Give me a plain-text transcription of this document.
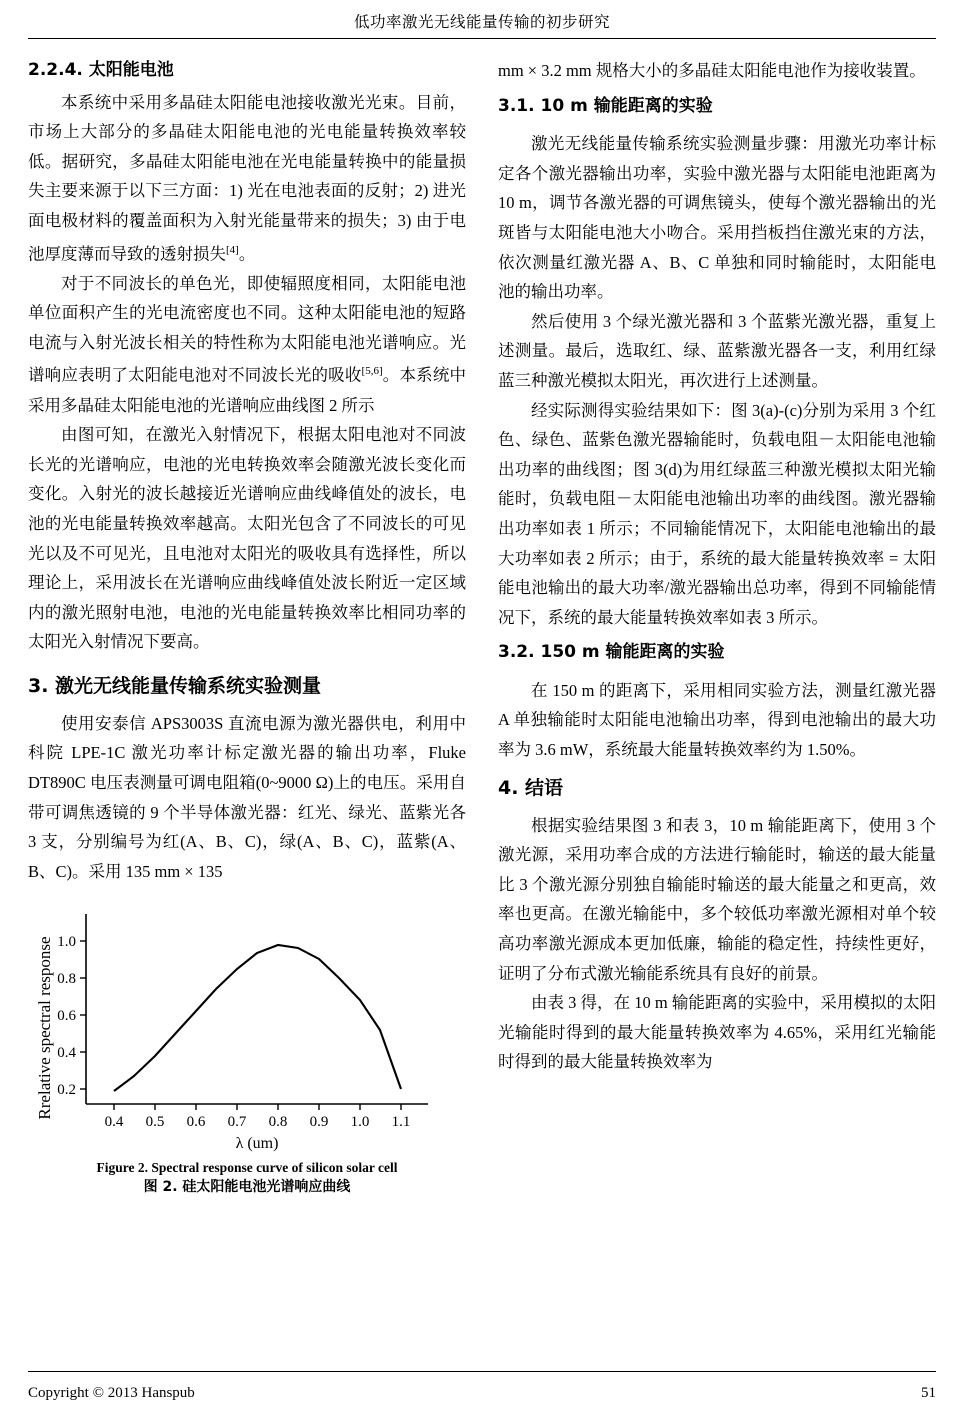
低功率激光无线能量传输的初步研究
2.2.4. 太阳能电池

本系统中采用多晶硅太阳能电池接收激光光束。目前，市场上大部分的多晶硅太阳能电池的光电能量转换效率较低。据研究，多晶硅太阳能电池在光电能量转换中的能量损失主要来源于以下三方面：1) 光在电池表面的反射；2) 进光面电极材料的覆盖面积为入射光能量带来的损失；3) 由于电池厚度薄而导致的透射损失[4]。

对于不同波长的单色光，即使辐照度相同，太阳能电池单位面积产生的光电流密度也不同。这种太阳能电池的短路电流与入射光波长相关的特性称为太阳能电池光谱响应。光谱响应表明了太阳能电池对不同波长光的吸收[5,6]。本系统中采用多晶硅太阳能电池的光谱响应曲线图 2 所示

由图可知，在激光入射情况下，根据太阳电池对不同波长光的光谱响应，电池的光电转换效率会随激光波长变化而变化。入射光的波长越接近光谱响应曲线峰值处的波长，电池的光电能量转换效率越高。太阳光包含了不同波长的可见光以及不可见光，且电池对太阳光的吸收具有选择性，所以理论上，采用波长在光谱响应曲线峰值处波长附近一定区域内的激光照射电池，电池的光电能量转换效率比相同功率的太阳光入射情况下要高。

3. 激光无线能量传输系统实验测量

使用安泰信 APS3003S 直流电源为激光器供电，利用中科院 LPE-1C 激光功率计标定激光器的输出功率，Fluke DT890C 电压表测量可调电阻箱(0~9000 Ω)上的电压。采用自带可调焦透镜的 9 个半导体激光器：红光、绿光、蓝紫光各 3 支，分别编号为红(A、B、C)，绿(A、B、C)，蓝紫(A、B、C)。采用 135 mm × 135

Rrelative spectral response 0.2
0.4
0.6
0.8
1.0
0.4 0.5 0.6 0.7 0.8 0.9 1.0 1.1
λ (um)
Figure 2. Spectral response curve of silicon solar cell
图 2. 硅太阳能电池光谱响应曲线

mm × 3.2 mm 规格大小的多晶硅太阳能电池作为接收装置。

3.1. 10 m 输能距离的实验

激光无线能量传输系统实验测量步骤：用激光功率计标定各个激光器输出功率，实验中激光器与太阳能电池距离为 10 m，调节各激光器的可调焦镜头，使每个激光器输出的光斑皆与太阳能电池大小吻合。采用挡板挡住激光束的方法，依次测量红激光器 A、B、C 单独和同时输能时，太阳能电池的输出功率。

然后使用 3 个绿光激光器和 3 个蓝紫光激光器，重复上述测量。最后，选取红、绿、蓝紫激光器各一支，利用红绿蓝三种激光模拟太阳光，再次进行上述测量。

经实际测得实验结果如下：图 3(a)-(c)分别为采用 3 个红色、绿色、蓝紫色激光器输能时，负载电阻－太阳能电池输出功率的曲线图；图 3(d)为用红绿蓝三种激光模拟太阳光输能时，负载电阻－太阳能电池输出功率的曲线图。激光器输出功率如表 1 所示；不同输能情况下，太阳能电池输出的最大功率如表 2 所示；由于，系统的最大能量转换效率 = 太阳能电池输出的最大功率/激光器输出总功率，得到不同输能情况下，系统的最大能量转换效率如表 3 所示。

3.2. 150 m 输能距离的实验

在 150 m 的距离下，采用相同实验方法，测量红激光器 A 单独输能时太阳能电池输出功率，得到电池输出的最大功率为 3.6 mW，系统最大能量转换效率约为 1.50%。

4. 结语

根据实验结果图 3 和表 3，10 m 输能距离下，使用 3 个激光源，采用功率合成的方法进行输能时，输送的最大能量比 3 个激光源分别独自输能时输送的最大能量之和更高，效率也更高。在激光输能中，多个较低功率激光源相对单个较高功率激光源成本更加低廉，输能的稳定性，持续性更好，证明了分布式激光输能系统具有良好的前景。

由表 3 得，在 10 m 输能距离的实验中，采用模拟的太阳光输能时得到的最大能量转换效率为 4.65%，采用红光输能时得到的最大能量转换效率为

Copyright © 2013 Hanspub	51
